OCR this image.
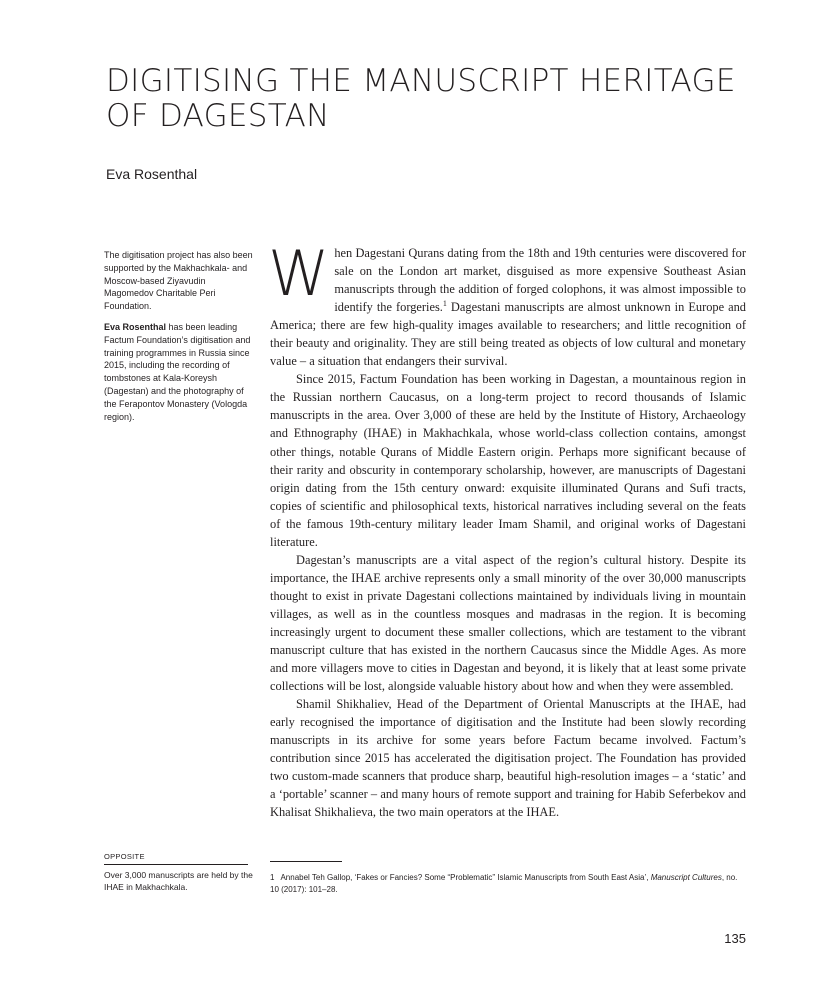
DIGITISING THE MANUSCRIPT HERITAGE OF DAGESTAN

Eva Rosenthal

The digitisation project has also been supported by the Makhachkala- and Moscow-based Ziyavudin Magomedov Charitable Peri Foundation.

Eva Rosenthal has been leading Factum Foundation’s digitisation and training programmes in Russia since 2015, including the recording of tombstones at Kala-Koreysh (Dagestan) and the photography of the Ferapontov Monastery (Vologda region).

OPPOSITE
Over 3,000 manuscripts are held by the IHAE in Makhachkala.

When Dagestani Qurans dating from the 18th and 19th centuries were discovered for sale on the London art market, disguised as more expensive Southeast Asian manuscripts through the addition of forged colophons, it was almost impossible to identify the forgeries.$^1$ Dagestani manuscripts are almost unknown in Europe and America; there are few high-quality images available to researchers; and little recognition of their beauty and originality. They are still being treated as objects of low cultural and monetary value – a situation that endangers their survival.

Since 2015, Factum Foundation has been working in Dagestan, a mountainous region in the Russian northern Caucasus, on a long-term project to record thousands of Islamic manuscripts in the area. Over 3,000 of these are held by the Institute of History, Archaeology and Ethnography (IHAE) in Makhachkala, whose world-class collection contains, amongst other things, notable Qurans of Middle Eastern origin. Perhaps more significant because of their rarity and obscurity in contemporary scholarship, however, are manuscripts of Dagestani origin dating from the 15th century onward: exquisite illuminated Qurans and Sufi tracts, copies of scientific and philosophical texts, historical narratives including several on the feats of the famous 19th-century military leader Imam Shamil, and original works of Dagestani literature.

Dagestan’s manuscripts are a vital aspect of the region’s cultural history. Despite its importance, the IHAE archive represents only a small minority of the over 30,000 manuscripts thought to exist in private Dagestani collections maintained by individuals living in mountain villages, as well as in the countless mosques and madrasas in the region. It is becoming increasingly urgent to document these smaller collections, which are testament to the vibrant manuscript culture that has existed in the northern Caucasus since the Middle Ages. As more and more villagers move to cities in Dagestan and beyond, it is likely that at least some private collections will be lost, alongside valuable history about how and when they were assembled.

Shamil Shikhaliev, Head of the Department of Oriental Manuscripts at the IHAE, had early recognised the importance of digitisation and the Institute had been slowly recording manuscripts in its archive for some years before Factum became involved. Factum’s contribution since 2015 has accelerated the digitisation project. The Foundation has provided two custom-made scanners that produce sharp, beautiful high-resolution images – a ‘static’ and a ‘portable’ scanner – and many hours of remote support and training for Habib Seferbekov and Khalisat Shikhalieva, the two main operators at the IHAE.

1 Annabel Teh Gallop, ‘Fakes or Fancies? Some “Problematic” Islamic Manuscripts from South East Asia’, Manuscript Cultures, no. 10 (2017): 101–28.
135
